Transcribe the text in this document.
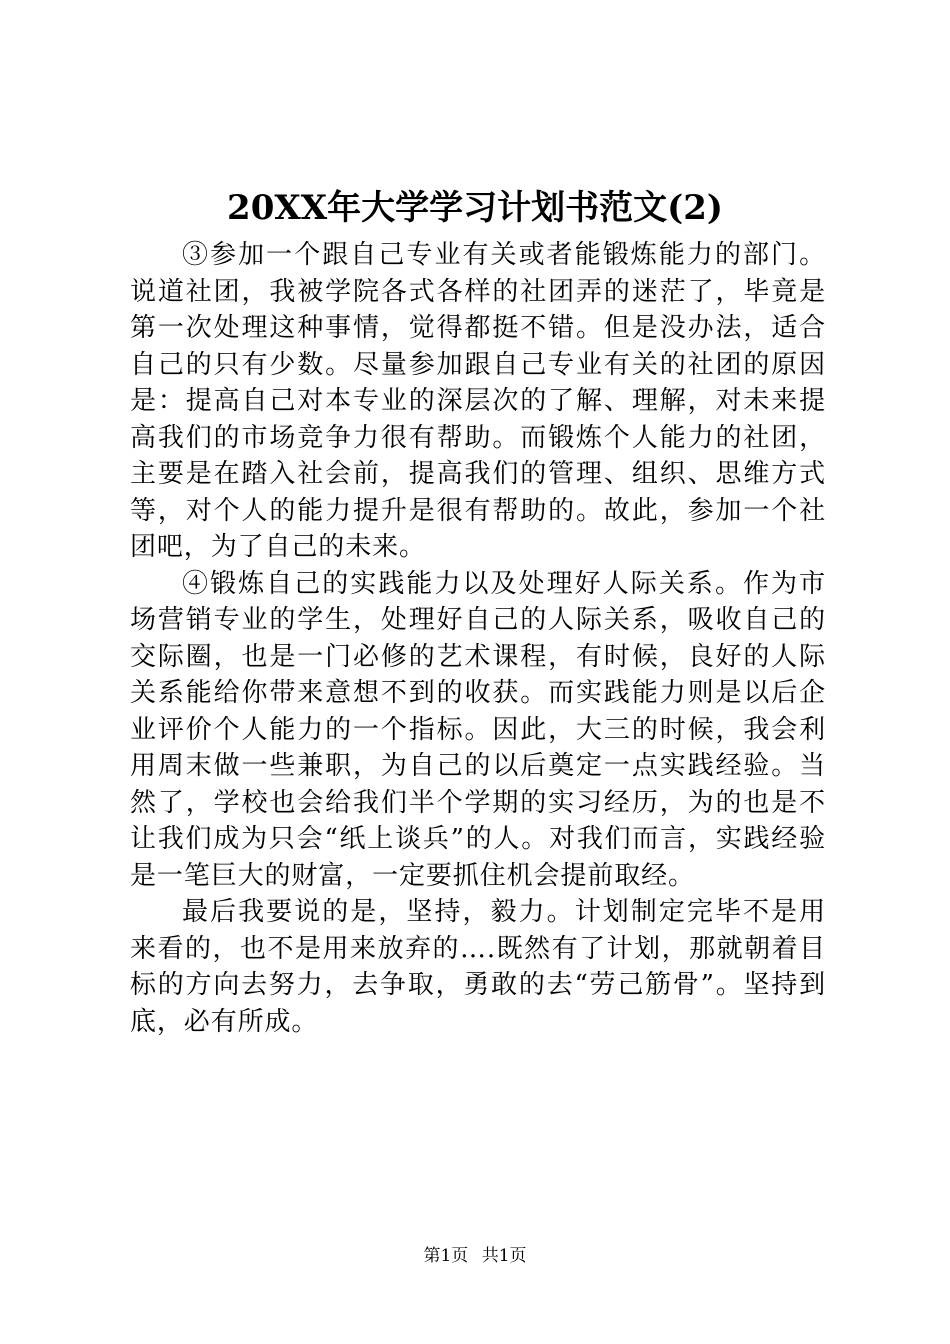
20XX年大学学习计划书范文(2)

③参加一个跟自己专业有关或者能锻炼能力的部门。说道社团，我被学院各式各样的社团弄的迷茫了，毕竟是第一次处理这种事情，觉得都挺不错。但是没办法，适合自己的只有少数。尽量参加跟自己专业有关的社团的原因是：提高自己对本专业的深层次的了解、理解，对未来提高我们的市场竞争力很有帮助。而锻炼个人能力的社团，主要是在踏入社会前，提高我们的管理、组织、思维方式等，对个人的能力提升是很有帮助的。故此，参加一个社团吧，为了自己的未来。

④锻炼自己的实践能力以及处理好人际关系。作为市场营销专业的学生，处理好自己的人际关系，吸收自己的交际圈，也是一门必修的艺术课程，有时候，良好的人际关系能给你带来意想不到的收获。而实践能力则是以后企业评价个人能力的一个指标。因此，大三的时候，我会利用周末做一些兼职，为自己的以后奠定一点实践经验。当然了，学校也会给我们半个学期的实习经历，为的也是不让我们成为只会“纸上谈兵”的人。对我们而言，实践经验是一笔巨大的财富，一定要抓住机会提前取经。

最后我要说的是，坚持，毅力。计划制定完毕不是用来看的，也不是用来放弃的….既然有了计划，那就朝着目标的方向去努力，去争取，勇敢的去“劳己筋骨”。坚持到底，必有所成。

第1页 共1页
